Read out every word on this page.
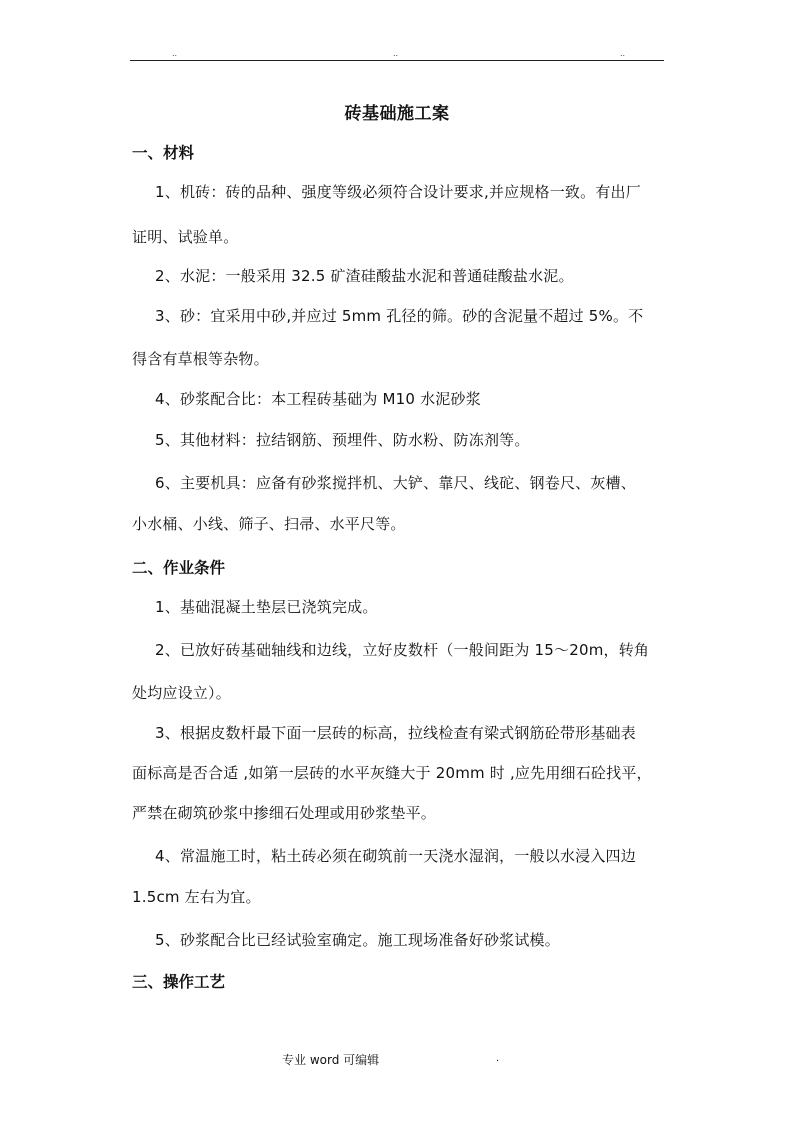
..	..	..
砖基础施工案
一、材料
1、机砖：砖的品种、强度等级必须符合设计要求,并应规格一致。有出厂
证明、试验单。
2、水泥：一般采用 32.5 矿渣硅酸盐水泥和普通硅酸盐水泥。
3、砂：宜采用中砂,并应过 5mm 孔径的筛。砂的含泥量不超过 5%。不
得含有草根等杂物。
4、砂浆配合比：本工程砖基础为 M10 水泥砂浆
5、其他材料：拉结钢筋、预埋件、防水粉、防冻剂等。
6、主要机具：应备有砂浆搅拌机、大铲、靠尺、线砣、钢卷尺、灰槽、
小水桶、小线、筛子、扫帚、水平尺等。
二、作业条件
1、基础混凝土垫层已浇筑完成。
2、已放好砖基础轴线和边线，立好皮数杆（一般间距为 15～20m，转角
处均应设立）。
3、根据皮数杆最下面一层砖的标高，拉线检查有梁式钢筋砼带形基础表
面标高是否合适 ,如第一层砖的水平灰缝大于 20mm 时 ,应先用细石砼找平，
严禁在砌筑砂浆中掺细石处理或用砂浆垫平。
4、常温施工时，粘土砖必须在砌筑前一天浇水湿润，一般以水浸入四边
1.5cm 左右为宜。
5、砂浆配合比已经试验室确定。施工现场准备好砂浆试模。
三、操作工艺
专业 word 可编辑	.
